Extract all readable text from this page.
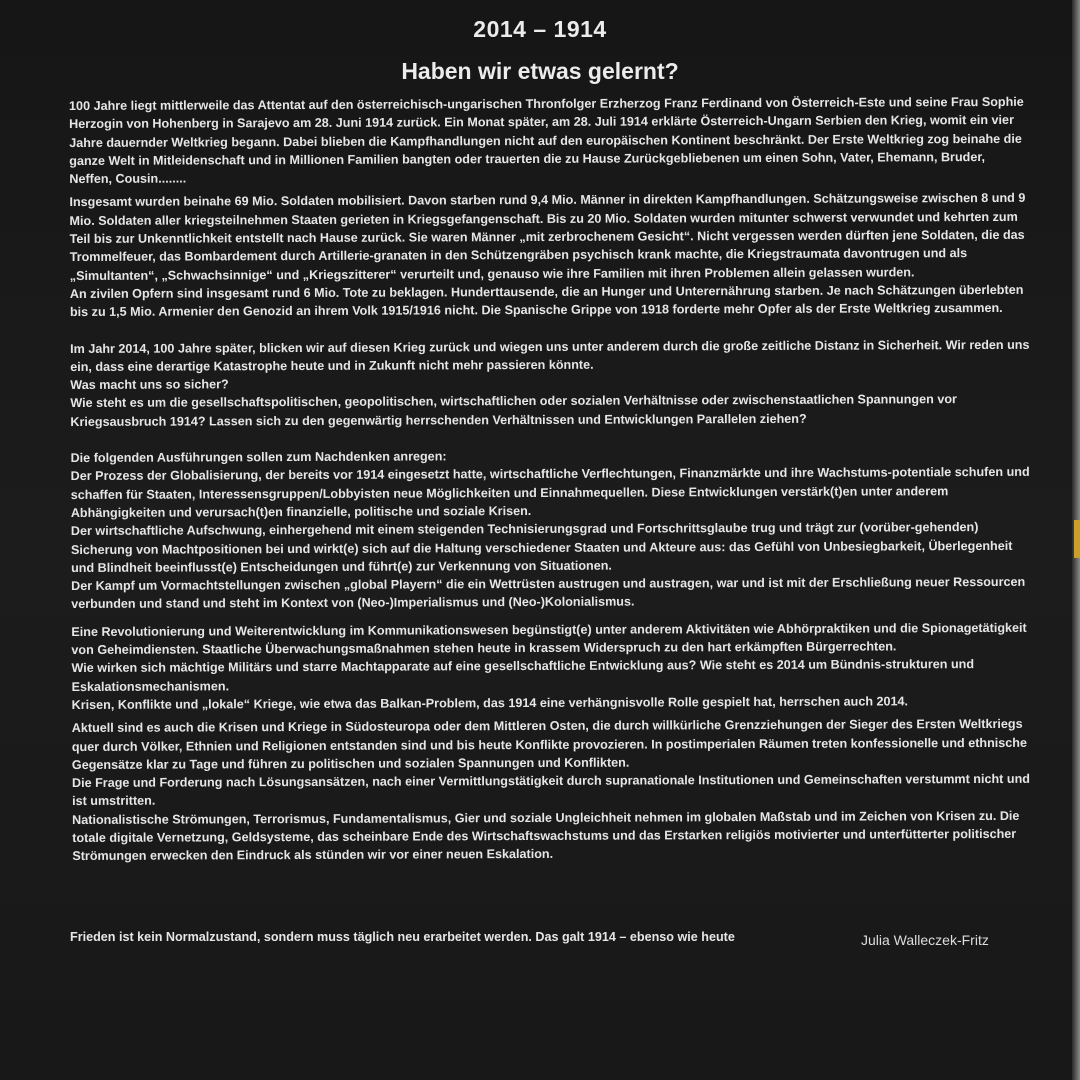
2014 – 1914
Haben wir etwas gelernt?

100 Jahre liegt mittlerweile das Attentat auf den österreichisch-ungarischen Thronfolger Erzherzog Franz Ferdinand von Österreich-Este und seine Frau Sophie Herzogin von Hohenberg in Sarajevo am 28. Juni 1914 zurück. Ein Monat später, am 28. Juli 1914 erklärte Österreich-Ungarn Serbien den Krieg, womit ein vier Jahre dauernder Weltkrieg begann. Dabei blieben die Kampfhandlungen nicht auf den europäischen Kontinent beschränkt. Der Erste Weltkrieg zog beinahe die ganze Welt in Mitleidenschaft und in Millionen Familien bangten oder trauerten die zu Hause Zurückgebliebenen um einen Sohn, Vater, Ehemann, Bruder, Neffen, Cousin........

Insgesamt wurden beinahe 69 Mio. Soldaten mobilisiert. Davon starben rund 9,4 Mio. Männer in direkten Kampfhandlungen. Schätzungsweise zwischen 8 und 9 Mio. Soldaten aller kriegsteilnehmen Staaten gerieten in Kriegsgefangenschaft. Bis zu 20 Mio. Soldaten wurden mitunter schwerst verwundet und kehrten zum Teil bis zur Unkenntlichkeit entstellt nach Hause zurück. Sie waren Männer „mit zerbrochenem Gesicht“. Nicht vergessen werden dürften jene Soldaten, die das Trommelfeuer, das Bombardement durch Artillerie-granaten in den Schützengräben psychisch krank machte, die Kriegstraumata davontrugen und als „Simultanten“, „Schwachsinnige“ und „Kriegszitterer“ verurteilt und, genauso wie ihre Familien mit ihren Problemen allein gelassen wurden.

An zivilen Opfern sind insgesamt rund 6 Mio. Tote zu beklagen. Hunderttausende, die an Hunger und Unterernährung starben. Je nach Schätzungen überlebten bis zu 1,5 Mio. Armenier den Genozid an ihrem Volk 1915/1916 nicht. Die Spanische Grippe von 1918 forderte mehr Opfer als der Erste Weltkrieg zusammen.

Im Jahr 2014, 100 Jahre später, blicken wir auf diesen Krieg zurück und wiegen uns unter anderem durch die große zeitliche Distanz in Sicherheit. Wir reden uns ein, dass eine derartige Katastrophe heute und in Zukunft nicht mehr passieren könnte.

Was macht uns so sicher?

Wie steht es um die gesellschaftspolitischen, geopolitischen, wirtschaftlichen oder sozialen Verhältnisse oder zwischenstaatlichen Spannungen vor Kriegsausbruch 1914? Lassen sich zu den gegenwärtig herrschenden Verhältnissen und Entwicklungen Parallelen ziehen?

Die folgenden Ausführungen sollen zum Nachdenken anregen:

Der Prozess der Globalisierung, der bereits vor 1914 eingesetzt hatte, wirtschaftliche Verflechtungen, Finanzmärkte und ihre Wachstums-potentiale schufen und schaffen für Staaten, Interessensgruppen/Lobbyisten neue Möglichkeiten und Einnahmequellen. Diese Entwicklungen verstärk(t)en unter anderem Abhängigkeiten und verursach(t)en finanzielle, politische und soziale Krisen.

Der wirtschaftliche Aufschwung, einhergehend mit einem steigenden Technisierungsgrad und Fortschrittsglaube trug und trägt zur (vorüber-gehenden) Sicherung von Machtpositionen bei und wirkt(e) sich auf die Haltung verschiedener Staaten und Akteure aus: das Gefühl von Unbesiegbarkeit, Überlegenheit und Blindheit beeinflusst(e) Entscheidungen und führt(e) zur Verkennung von Situationen.

Der Kampf um Vormachtstellungen zwischen „global Playern“ die ein Wettrüsten austrugen und austragen, war und ist mit der Erschließung neuer Ressourcen verbunden und stand und steht im Kontext von (Neo-)Imperialismus und (Neo-)Kolonialismus.

Eine Revolutionierung und Weiterentwicklung im Kommunikationswesen begünstigt(e) unter anderem Aktivitäten wie Abhörpraktiken und die Spionagetätigkeit von Geheimdiensten. Staatliche Überwachungsmaßnahmen stehen heute in krassem Widerspruch zu den hart erkämpften Bürgerrechten.

Wie wirken sich mächtige Militärs und starre Machtapparate auf eine gesellschaftliche Entwicklung aus? Wie steht es 2014 um Bündnis-strukturen und Eskalationsmechanismen.

Krisen, Konflikte und „lokale“ Kriege, wie etwa das Balkan-Problem, das 1914 eine verhängnisvolle Rolle gespielt hat, herrschen auch 2014.

Aktuell sind es auch die Krisen und Kriege in Südosteuropa oder dem Mittleren Osten, die durch willkürliche Grenzziehungen der Sieger des Ersten Weltkriegs quer durch Völker, Ethnien und Religionen entstanden sind und bis heute Konflikte provozieren. In postimperialen Räumen treten konfessionelle und ethnische Gegensätze klar zu Tage und führen zu politischen und sozialen Spannungen und Konflikten.

Die Frage und Forderung nach Lösungsansätzen, nach einer Vermittlungstätigkeit durch supranationale Institutionen und Gemeinschaften verstummt nicht und ist umstritten.

Nationalistische Strömungen, Terrorismus, Fundamentalismus, Gier und soziale Ungleichheit nehmen im globalen Maßstab und im Zeichen von Krisen zu. Die totale digitale Vernetzung, Geldsysteme, das scheinbare Ende des Wirtschaftswachstums und das Erstarken religiös motivierter und unterfütterter politischer Strömungen erwecken den Eindruck als stünden wir vor einer neuen Eskalation.

Frieden ist kein Normalzustand, sondern muss täglich neu erarbeitet werden. Das galt 1914 – ebenso wie heute	Julia Walleczek-Fritz
